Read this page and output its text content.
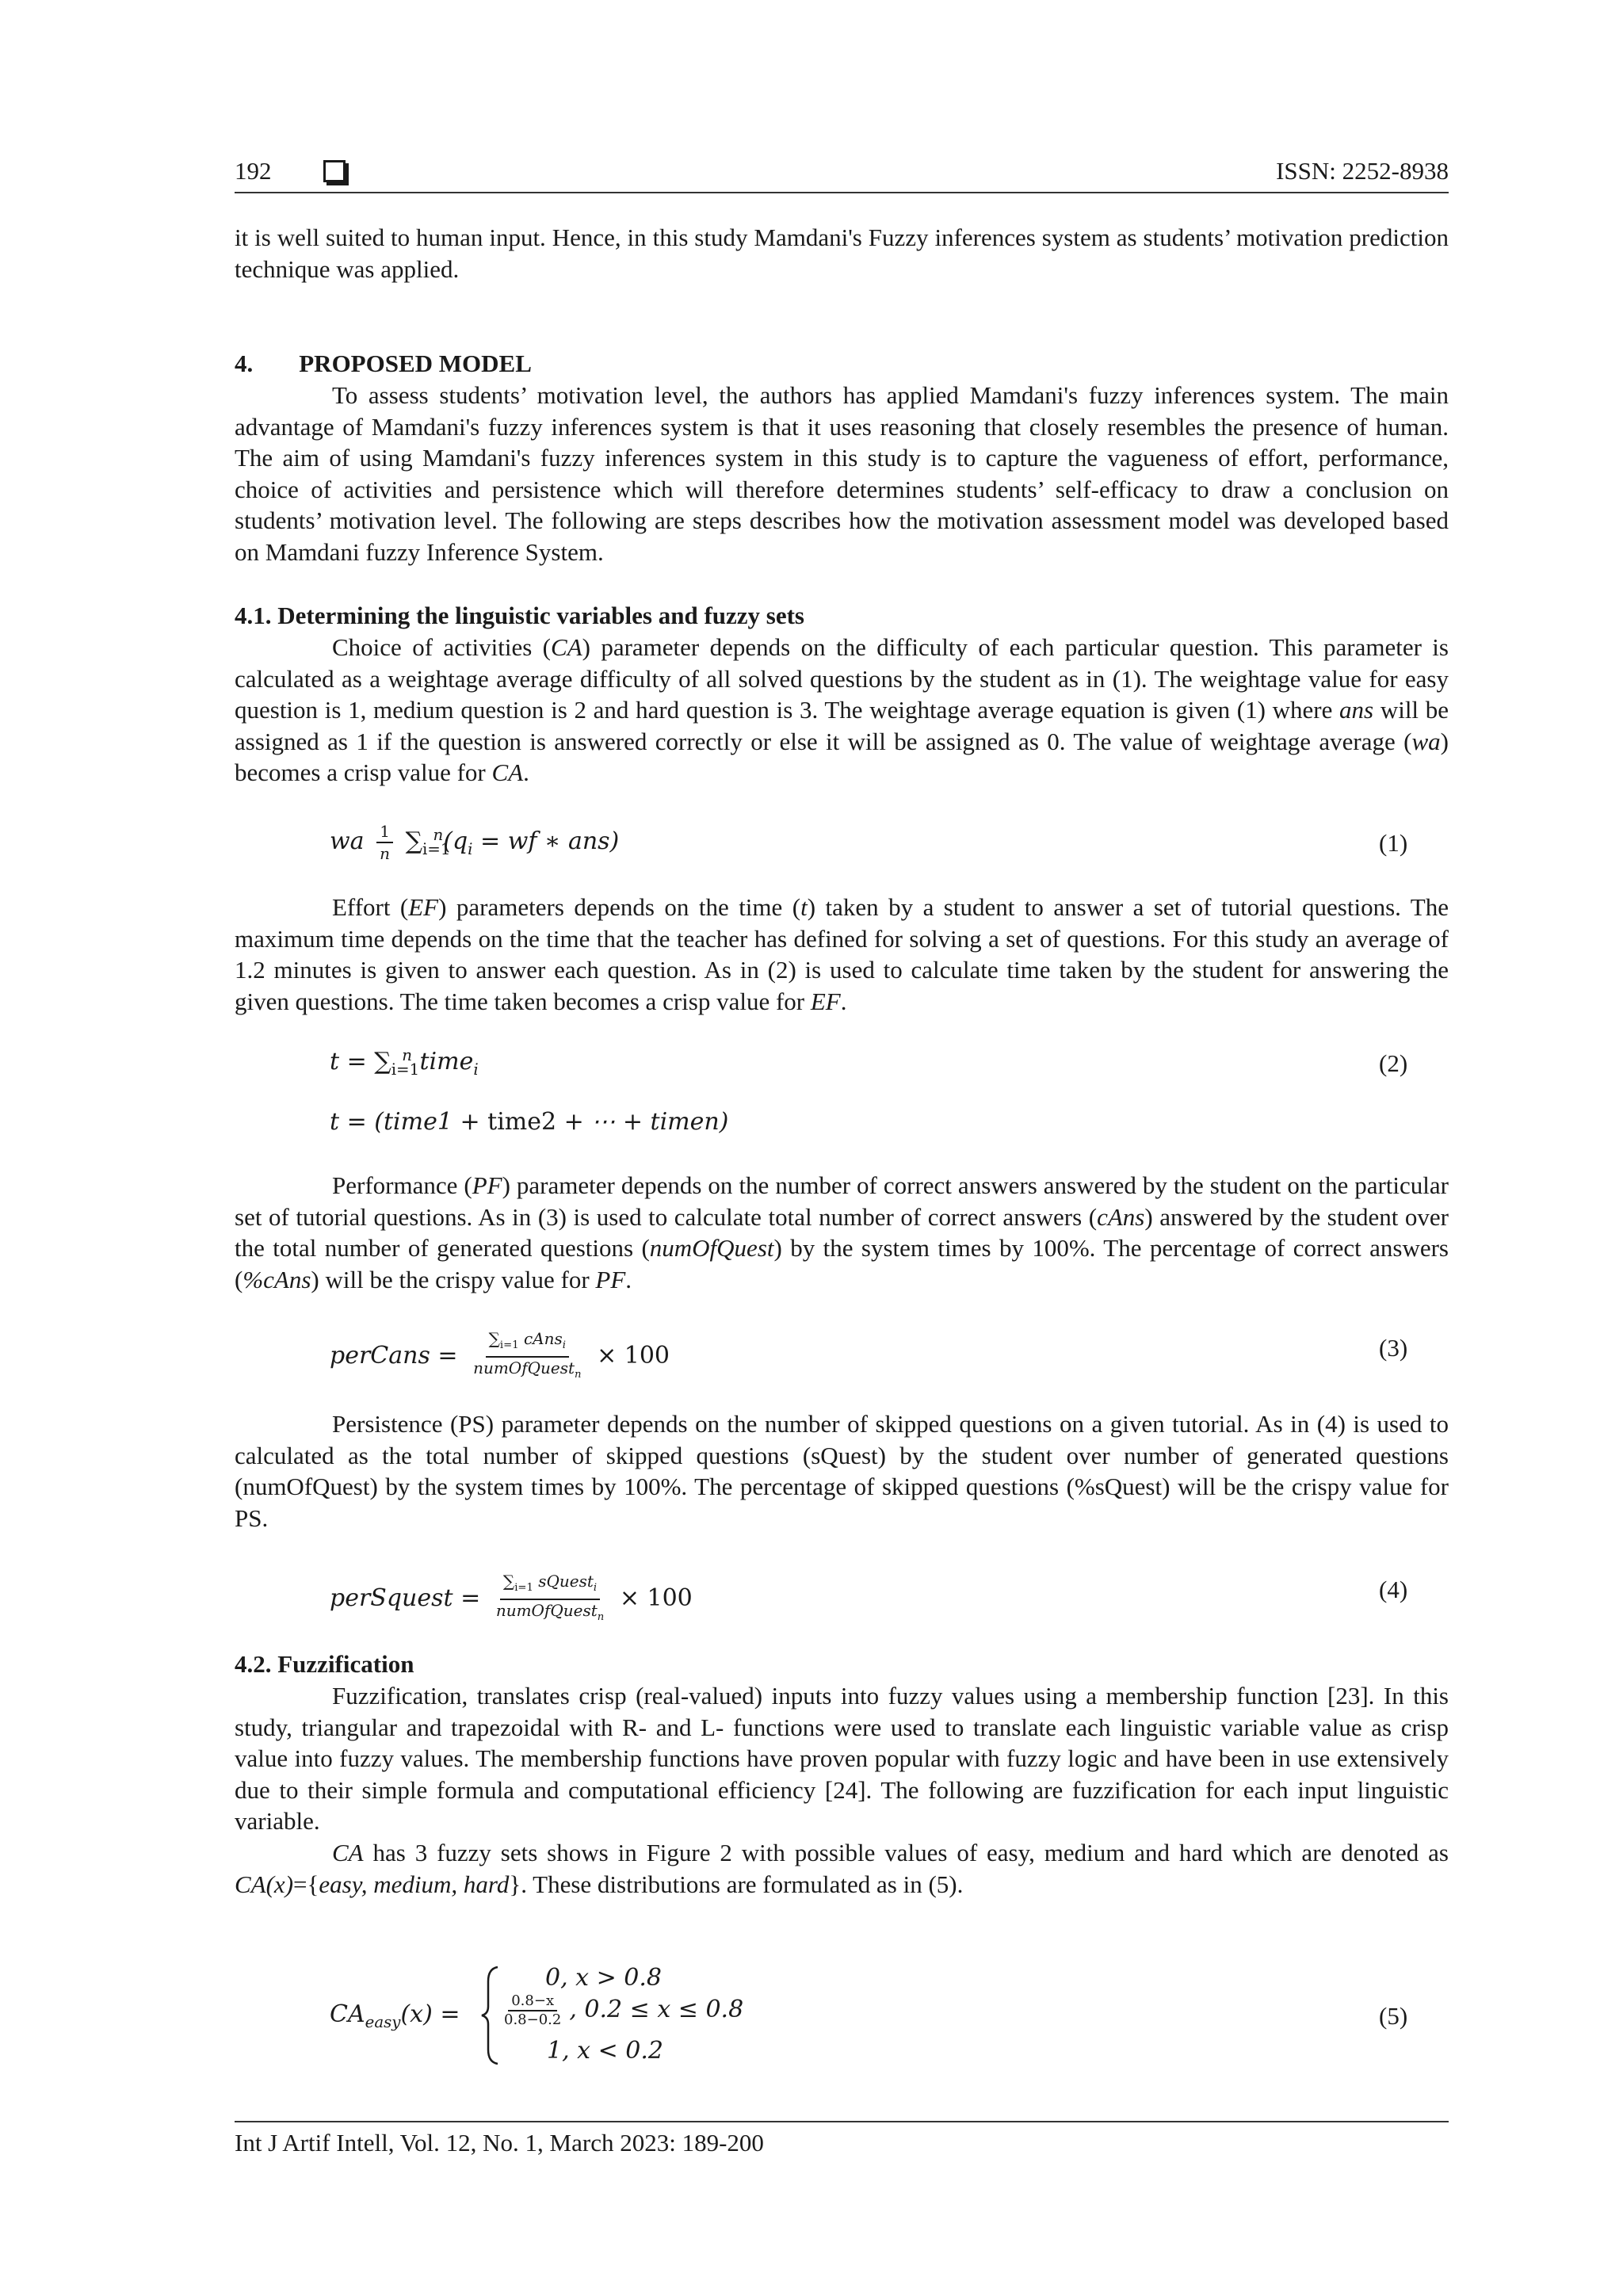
192	ISSN: 2252-8938

it is well suited to human input. Hence, in this study Mamdani's Fuzzy inferences system as students’ motivation prediction technique was applied.

4. PROPOSED MODEL

To assess students’ motivation level, the authors has applied Mamdani's fuzzy inferences system. The main advantage of Mamdani's fuzzy inferences system is that it uses reasoning that closely resembles the presence of human. The aim of using Mamdani's fuzzy inferences system in this study is to capture the vagueness of effort, performance, choice of activities and persistence which will therefore determines students’ self-efficacy to draw a conclusion on students’ motivation level. The following are steps describes how the motivation assessment model was developed based on Mamdani fuzzy Inference System.

4.1. Determining the linguistic variables and fuzzy sets

Choice of activities (CA) parameter depends on the difficulty of each particular question. This parameter is calculated as a weightage average difficulty of all solved questions by the student as in (1). The weightage value for easy question is 1, medium question is 2 and hard question is 3. The weightage average equation is given (1) where ans will be assigned as 1 if the question is answered correctly or else it will be assigned as 0. The value of weightage average (wa) becomes a crisp value for CA.

wa $\frac{1}{n} \sum_{i=1}^n(q_i$ = wf ∗ ans)	(1)

Effort (EF) parameters depends on the time (t) taken by a student to answer a set of tutorial questions. The maximum time depends on the time that the teacher has defined for solving a set of questions. For this study an average of 1.2 minutes is given to answer each question. As in (2) is used to calculate time taken by the student for answering the given questions. The time taken becomes a crisp value for EF.

$t = \sum_{i=1}^n$ time$_i$	(2)
t = (time1 + time2 + ⋯ + timen)

Performance (PF) parameter depends on the number of correct answers answered by the student on the particular set of tutorial questions. As in (3) is used to calculate total number of correct answers (cAns) answered by the student over the total number of generated questions (numOfQuest) by the system times by 100%. The percentage of correct answers (%cAns) will be the crispy value for PF.

perCans = $\frac{\sum_{i=1} cAns_i}{numOfQuest_n} \times 100$	(3)

Persistence (PS) parameter depends on the number of skipped questions on a given tutorial. As in (4) is used to calculated as the total number of skipped questions (sQuest) by the student over number of generated questions (numOfQuest) by the system times by 100%. The percentage of skipped questions (%sQuest) will be the crispy value for PS.

perSquest = $\frac{\sum_{i=1} sQuest_i}{numOfQuest_n} \times 100$	(4)
4.2. Fuzzification

Fuzzification, translates crisp (real-valued) inputs into fuzzy values using a membership function [23]. In this study, triangular and trapezoidal with R- and L- functions were used to translate each linguistic variable value as crisp value into fuzzy values. The membership functions have proven popular with fuzzy logic and have been in use extensively due to their simple formula and computational efficiency [24]. The following are fuzzification for each input linguistic variable.

CA has 3 fuzzy sets shows in Figure 2 with possible values of easy, medium and hard which are denoted as CA(x)={easy, medium, hard}. These distributions are formulated as in (5).

$CA_{easy}(x)$ =
0, x > 0.8
$\frac{0.8-x}{0.8-0.2}$ , 0.2 ≤ x ≤ 0.8
1, x < 0.2
(5)
Int J Artif Intell, Vol. 12, No. 1, March 2023: 189-200
